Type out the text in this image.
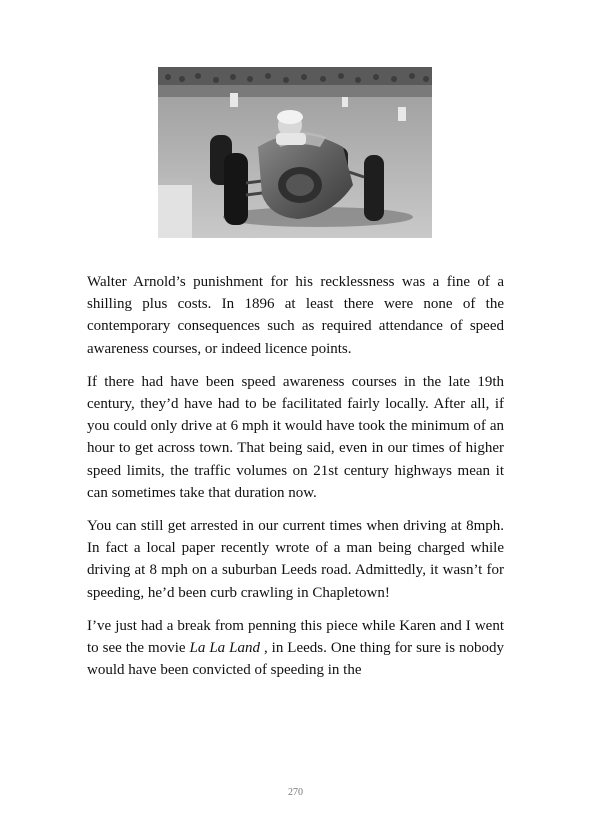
Walter Arnold’s punishment for his recklessness was a fine of a shilling plus costs. In 1896 at least there were none of the contemporary consequences such as required attendance of speed awareness courses, or indeed licence points.

If there had have been speed awareness courses in the late 19th century, they’d have had to be facilitated fairly locally. After all, if you could only drive at 6 mph it would have took the minimum of an hour to get across town. That being said, even in our times of higher speed limits, the traffic volumes on 21st century highways mean it can sometimes take that duration now.

You can still get arrested in our current times when driving at 8mph. In fact a local paper recently wrote of a man being charged while driving at 8 mph on a suburban Leeds road. Admittedly, it wasn’t for speeding, he’d been curb crawling in Chapletown!

I’ve just had a break from penning this piece while Karen and I went to see the movie La La Land , in Leeds. One thing for sure is nobody would have been convicted of speeding in the

270
